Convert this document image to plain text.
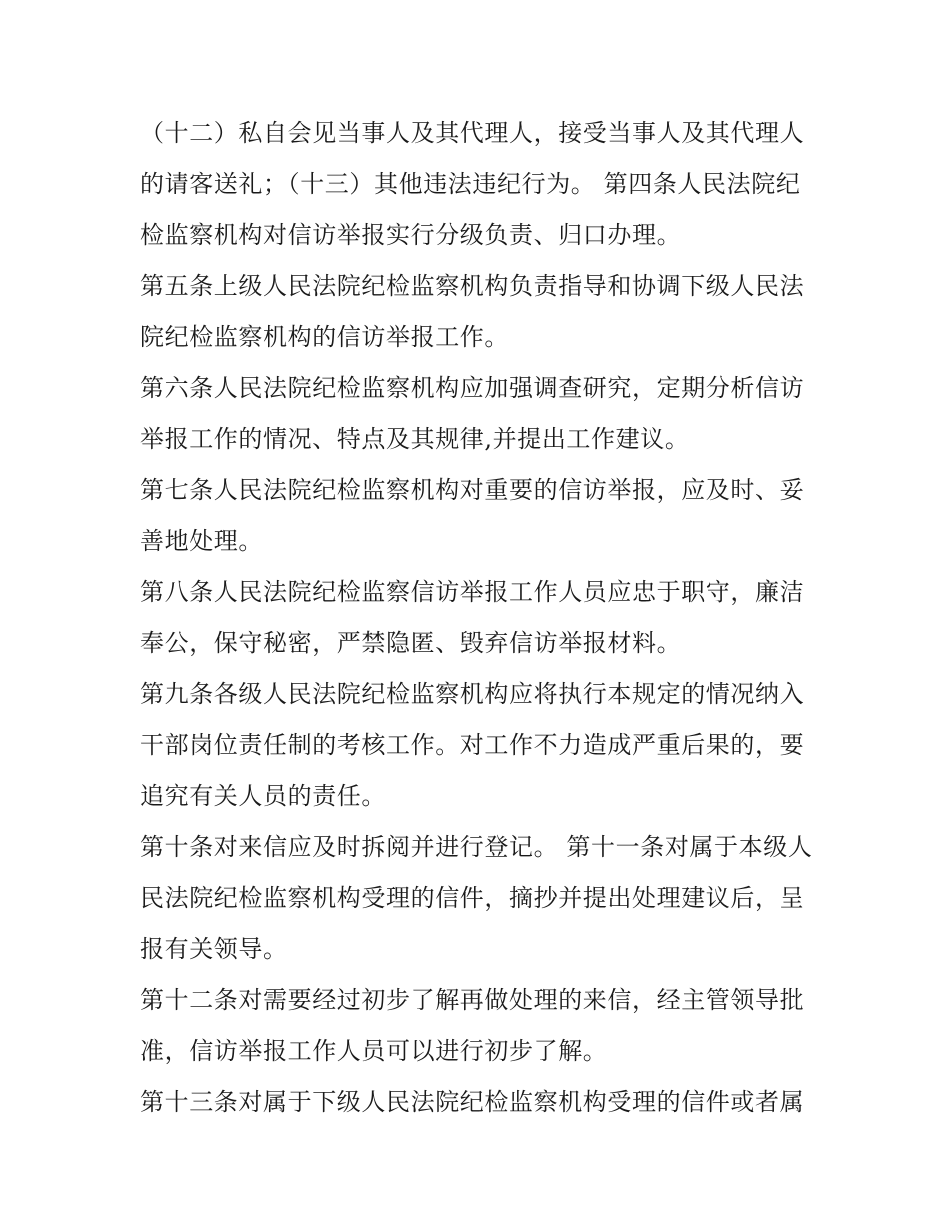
（十二）私自会见当事人及其代理人，接受当事人及其代理人的请客送礼；（十三）其他违法违纪行为。 第四条人民法院纪检监察机构对信访举报实行分级负责、归口办理。

第五条上级人民法院纪检监察机构负责指导和协调下级人民法院纪检监察机构的信访举报工作。

第六条人民法院纪检监察机构应加强调查研究，定期分析信访举报工作的情况、特点及其规律,并提出工作建议。

第七条人民法院纪检监察机构对重要的信访举报，应及时、妥善地处理。

第八条人民法院纪检监察信访举报工作人员应忠于职守，廉洁奉公，保守秘密，严禁隐匿、毁弃信访举报材料。

第九条各级人民法院纪检监察机构应将执行本规定的情况纳入干部岗位责任制的考核工作。对工作不力造成严重后果的，要追究有关人员的责任。

第十条对来信应及时拆阅并进行登记。 第十一条对属于本级人民法院纪检监察机构受理的信件，摘抄并提出处理建议后，呈报有关领导。

第十二条对需要经过初步了解再做处理的来信，经主管领导批准，信访举报工作人员可以进行初步了解。

第十三条对属于下级人民法院纪检监察机构受理的信件或者属
